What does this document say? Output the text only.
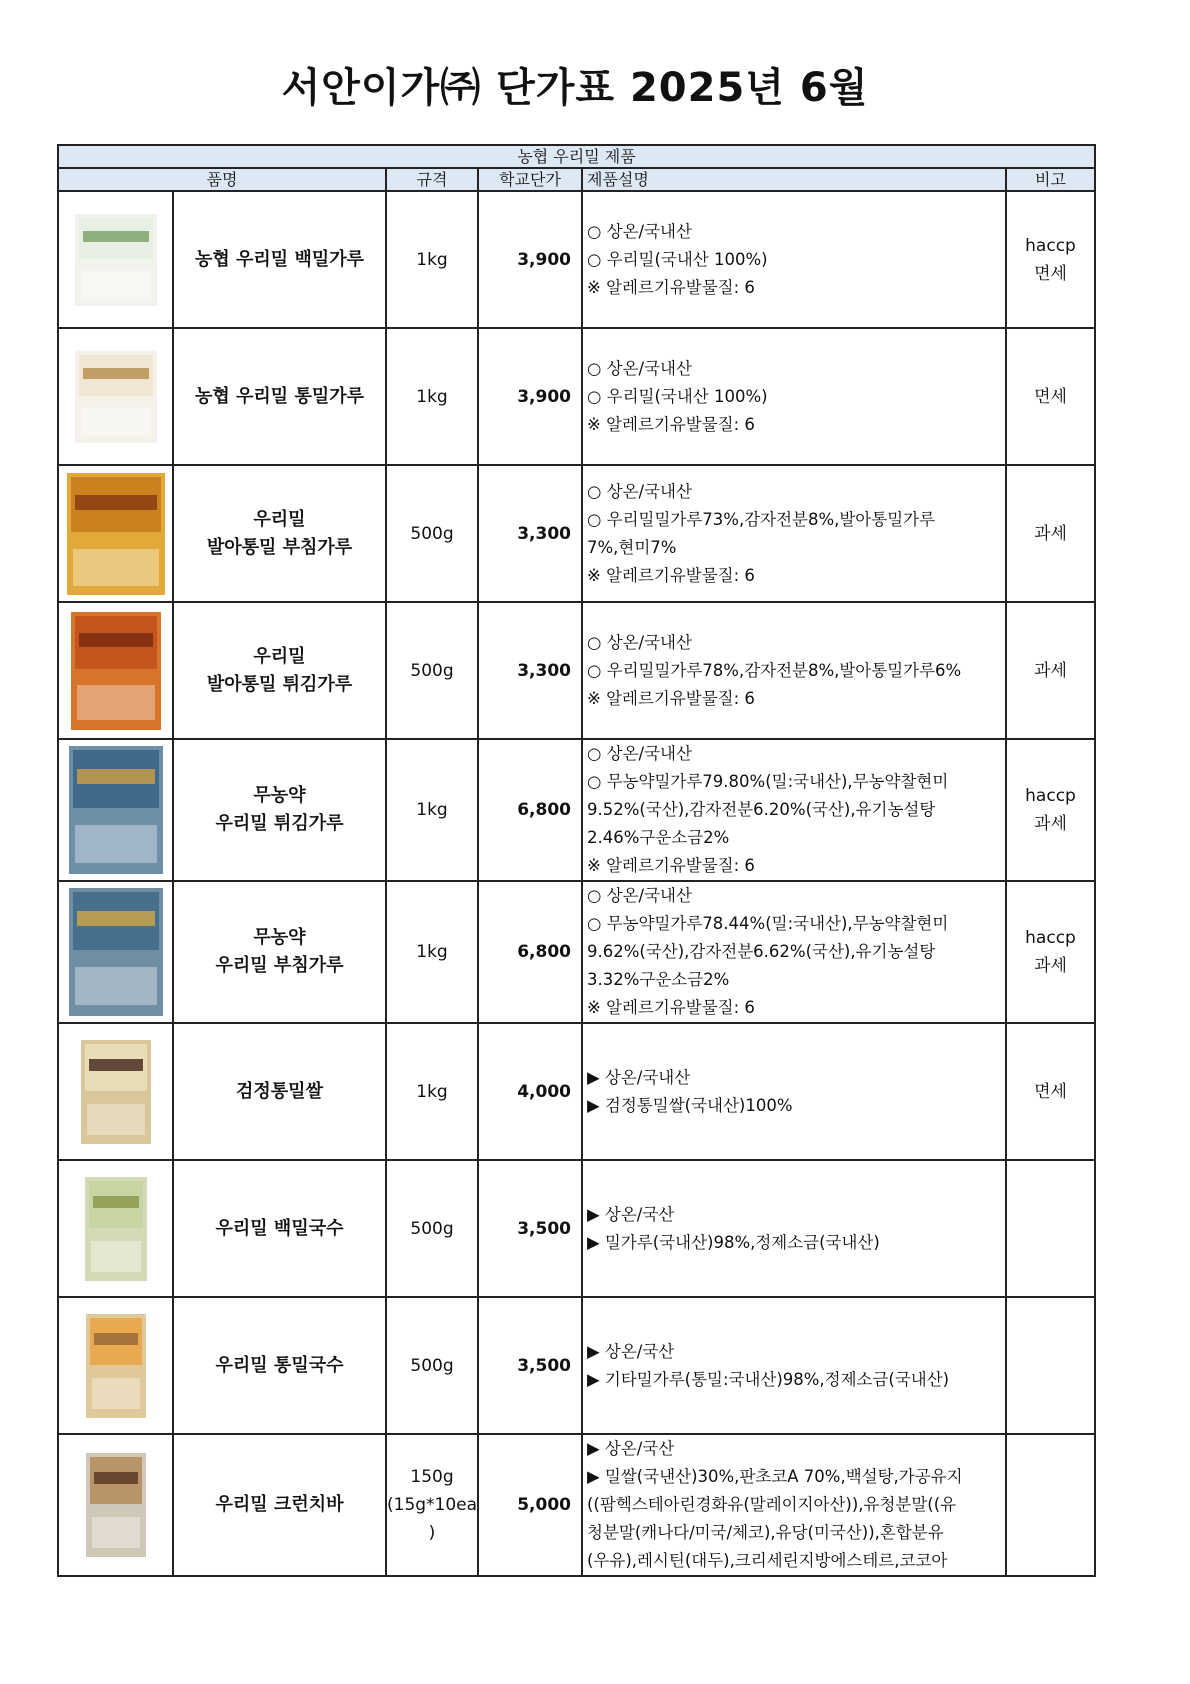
서안이가㈜ 단가표 2025년 6월
농협 우리밀 제품					
품명		규격	학교단가	제품설명	비고

농협 우리밀 백밀가루	1kg	3,900	○ 상온/국내산
○ 우리밀(국내산 100%)
※ 알레르기유발물질: 6	haccp
면세

농협 우리밀 통밀가루	1kg	3,900	○ 상온/국내산
○ 우리밀(국내산 100%)
※ 알레르기유발물질: 6	면세

우리밀
발아통밀 부침가루	500g	3,300	○ 상온/국내산
○ 우리밀밀가루73%,감자전분8%,발아통밀가루
7%,현미7%
※ 알레르기유발물질: 6	과세

우리밀
발아통밀 튀김가루	500g	3,300	○ 상온/국내산
○ 우리밀밀가루78%,감자전분8%,발아통밀가루6%
※ 알레르기유발물질: 6	과세

무농약
우리밀 튀김가루	1kg	6,800	○ 상온/국내산
○ 무농약밀가루79.80%(밀:국내산),무농약찰현미
9.52%(국산),감자전분6.20%(국산),유기농설탕
2.46%구운소금2%
※ 알레르기유발물질: 6	haccp
과세

무농약
우리밀 부침가루	1kg	6,800	○ 상온/국내산
○ 무농약밀가루78.44%(밀:국내산),무농약찰현미
9.62%(국산),감자전분6.62%(국산),유기농설탕
3.32%구운소금2%
※ 알레르기유발물질: 6	haccp
과세

검정통밀쌀	1kg	4,000	▶ 상온/국내산
▶ 검정통밀쌀(국내산)100%	면세

우리밀 백밀국수	500g	3,500	▶ 상온/국산
▶ 밀가루(국내산)98%,정제소금(국내산)	

우리밀 통밀국수	500g	3,500	▶ 상온/국산
▶ 기타밀가루(통밀:국내산)98%,정제소금(국내산)	

우리밀 크런치바	150g
(15g*10ea
)	5,000	▶ 상온/국산
▶ 밀쌀(국낸산)30%,판초코A 70%,백설탕,가공유지
((팜헥스테아린경화유(말레이지아산)),유청분말((유
청분말(캐나다/미국/체코),유당(미국산)),혼합분유
(우유),레시틴(대두),크리세린지방에스테르,코코아	
